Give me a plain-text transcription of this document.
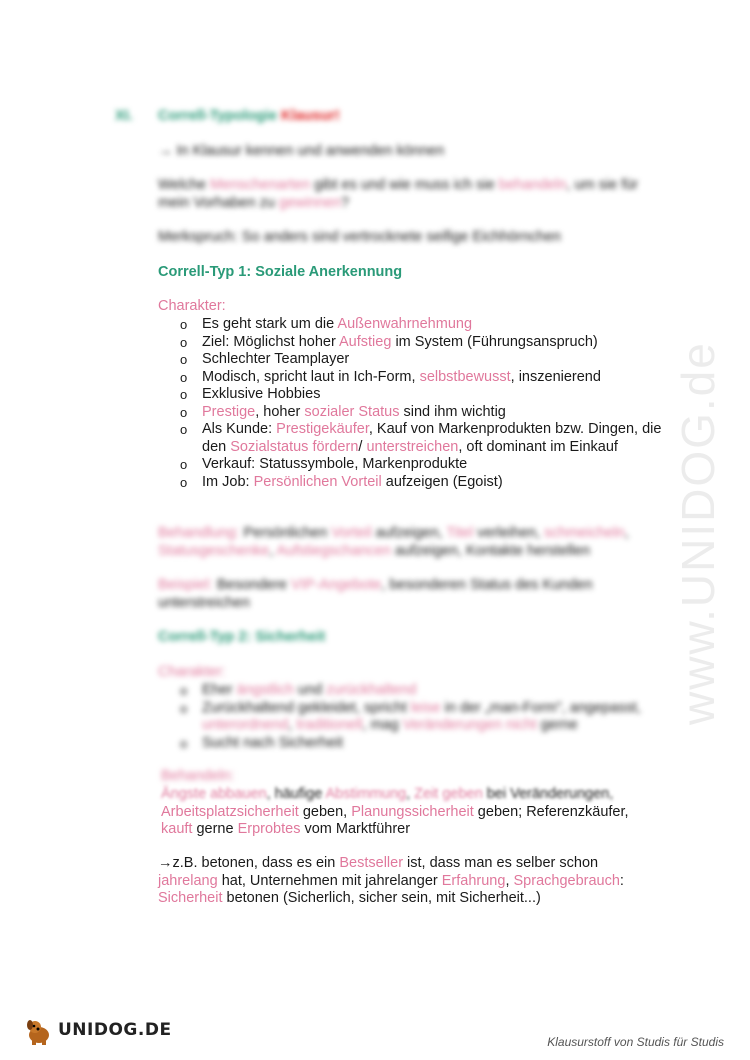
www.UNIDOG.de
XI. Correll-Typologie Klausur!
→ In Klausur kennen und anwenden können
Welche Menschenarten gibt es und wie muss ich sie behandeln, um sie für mein Vorhaben zu gewinnen?
Merkspruch: So anders sind vertrocknete seifige Eichhörnchen
Correll-Typ 1: Soziale Anerkennung
Charakter:
o Es geht stark um die Außenwahrnehmung
o Ziel: Möglichst hoher Aufstieg im System (Führungsanspruch)
o Schlechter Teamplayer
o Modisch, spricht laut in Ich-Form, selbstbewusst, inszenierend
o Exklusive Hobbies
o Prestige, hoher sozialer Status sind ihm wichtig
o Als Kunde: Prestigekäufer, Kauf von Markenprodukten bzw. Dingen, die den Sozialstatus fördern/ unterstreichen, oft dominant im Einkauf
o Verkauf: Statussymbole, Markenprodukte
o Im Job: Persönlichen Vorteil aufzeigen (Egoist)
Behandlung: Persönlichen Vorteil aufzeigen, Titel verleihen, schmeicheln, Statusgeschenke, Aufstiegschancen aufzeigen, Kontakte herstellen
Beispiel: Besondere VIP-Angebote, besonderen Status des Kunden unterstreichen
Correll-Typ 2: Sicherheit
Charakter:
o Eher ängstlich und zurückhaltend
o Zurückhaltend gekleidet, spricht leise in der „man-Form", angepasst, unterordnend, traditionell, mag Veränderungen nicht gerne
o Sucht nach Sicherheit
Behandeln:
Ängste abbauen, häufige Abstimmung, Zeit geben bei Veränderungen,
Arbeitsplatzsicherheit geben, Planungssicherheit geben; Referenzkäufer,
kauft gerne Erprobtes vom Marktführer
→z.B. betonen, dass es ein Bestseller ist, dass man es selber schon
jahrelang hat, Unternehmen mit jahrelanger Erfahrung, Sprachgebrauch:
Sicherheit betonen (Sicherlich, sicher sein, mit Sicherheit...)
UNIDOG.DE
Klausurstoff von Studis für Studis
